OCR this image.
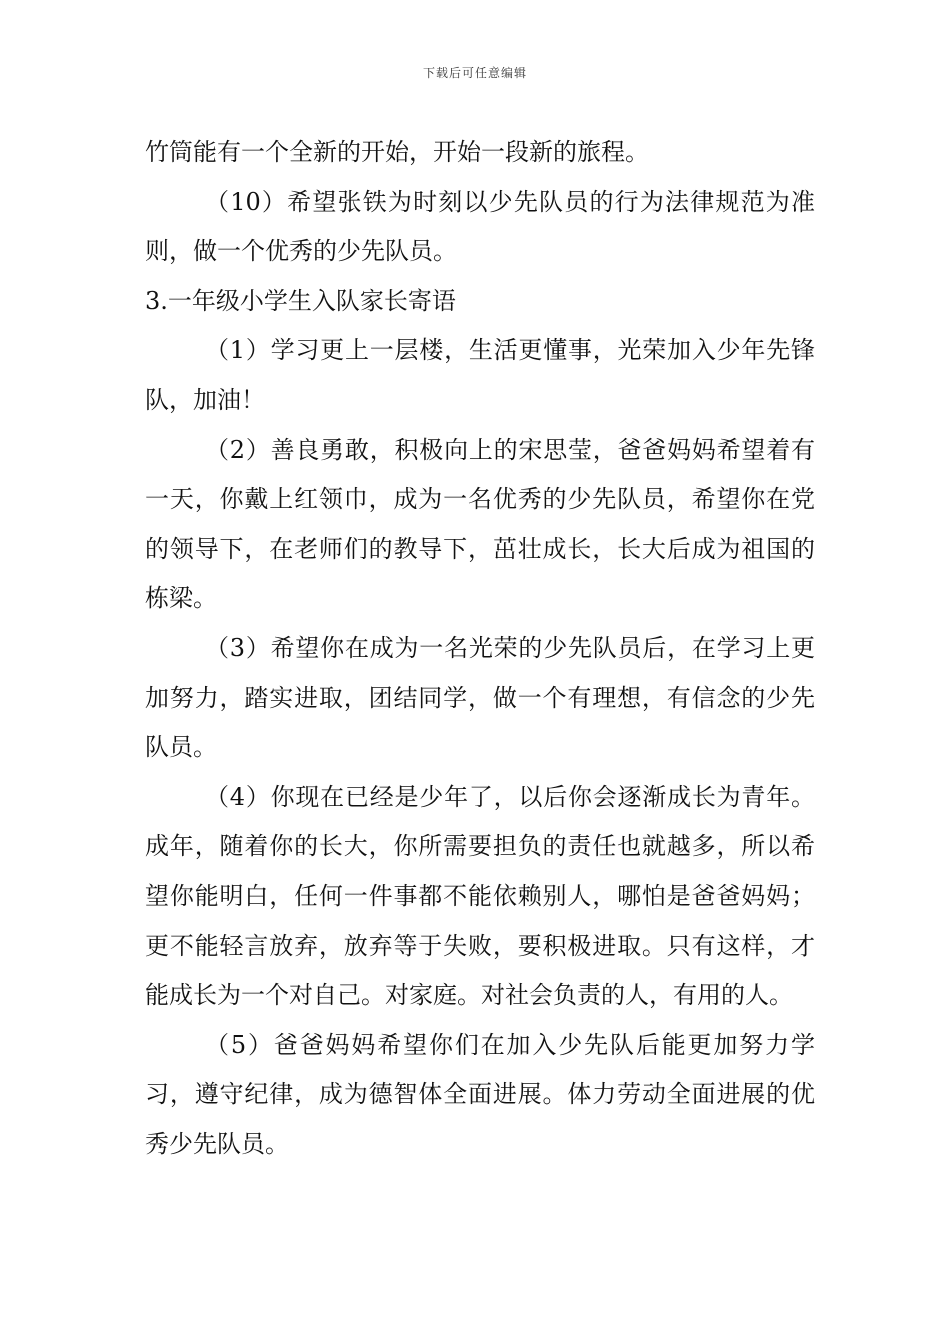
下载后可任意编辑

竹筒能有一个全新的开始，开始一段新的旅程。

（10）希望张铁为时刻以少先队员的行为法律规范为准则，做一个优秀的少先队员。

3.一年级小学生入队家长寄语

（1）学习更上一层楼，生活更懂事，光荣加入少年先锋队，加油！

（2）善良勇敢，积极向上的宋思莹，爸爸妈妈希望着有一天，你戴上红领巾，成为一名优秀的少先队员，希望你在党的领导下，在老师们的教导下，茁壮成长，长大后成为祖国的栋梁。

（3）希望你在成为一名光荣的少先队员后，在学习上更加努力，踏实进取，团结同学，做一个有理想，有信念的少先队员。

（4）你现在已经是少年了，以后你会逐渐成长为青年。成年，随着你的长大，你所需要担负的责任也就越多，所以希望你能明白，任何一件事都不能依赖别人，哪怕是爸爸妈妈；更不能轻言放弃，放弃等于失败，要积极进取。只有这样，才能成长为一个对自己。对家庭。对社会负责的人，有用的人。

（5）爸爸妈妈希望你们在加入少先队后能更加努力学习，遵守纪律，成为德智体全面进展。体力劳动全面进展的优秀少先队员。
